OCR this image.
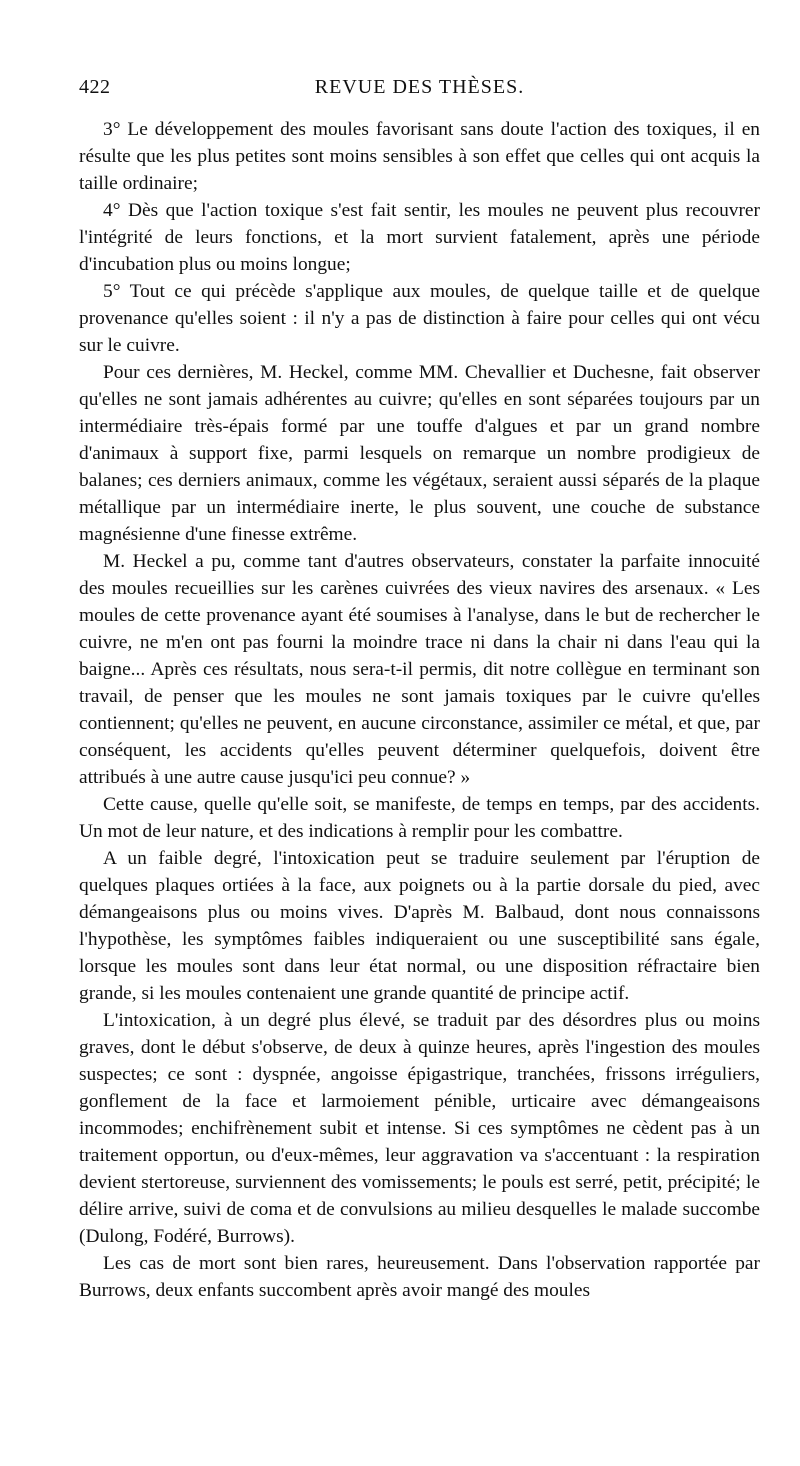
422	REVUE DES THÈSES.

3° Le développement des moules favorisant sans doute l'action des toxiques, il en résulte que les plus petites sont moins sensibles à son effet que celles qui ont acquis la taille ordinaire;

4° Dès que l'action toxique s'est fait sentir, les moules ne peuvent plus recouvrer l'intégrité de leurs fonctions, et la mort survient fatalement, après une période d'incubation plus ou moins longue;

5° Tout ce qui précède s'applique aux moules, de quelque taille et de quelque provenance qu'elles soient : il n'y a pas de distinction à faire pour celles qui ont vécu sur le cuivre.

Pour ces dernières, M. Heckel, comme MM. Chevallier et Duchesne, fait observer qu'elles ne sont jamais adhérentes au cuivre; qu'elles en sont séparées toujours par un intermédiaire très-épais formé par une touffe d'algues et par un grand nombre d'animaux à support fixe, parmi lesquels on remarque un nombre prodigieux de balanes; ces derniers animaux, comme les végétaux, seraient aussi séparés de la plaque métallique par un intermédiaire inerte, le plus souvent, une couche de substance magnésienne d'une finesse extrême.

M. Heckel a pu, comme tant d'autres observateurs, constater la parfaite innocuité des moules recueillies sur les carènes cuivrées des vieux navires des arsenaux. « Les moules de cette provenance ayant été soumises à l'analyse, dans le but de rechercher le cuivre, ne m'en ont pas fourni la moindre trace ni dans la chair ni dans l'eau qui la baigne... Après ces résultats, nous sera-t-il permis, dit notre collègue en terminant son travail, de penser que les moules ne sont jamais toxiques par le cuivre qu'elles contiennent; qu'elles ne peuvent, en aucune circonstance, assimiler ce métal, et que, par conséquent, les accidents qu'elles peuvent déterminer quelquefois, doivent être attribués à une autre cause jusqu'ici peu connue? »

Cette cause, quelle qu'elle soit, se manifeste, de temps en temps, par des accidents. Un mot de leur nature, et des indications à remplir pour les combattre.

A un faible degré, l'intoxication peut se traduire seulement par l'éruption de quelques plaques ortiées à la face, aux poignets ou à la partie dorsale du pied, avec démangeaisons plus ou moins vives. D'après M. Balbaud, dont nous connaissons l'hypothèse, les symptômes faibles indiqueraient ou une susceptibilité sans égale, lorsque les moules sont dans leur état normal, ou une disposition réfractaire bien grande, si les moules contenaient une grande quantité de principe actif.

L'intoxication, à un degré plus élevé, se traduit par des désordres plus ou moins graves, dont le début s'observe, de deux à quinze heures, après l'ingestion des moules suspectes; ce sont : dyspnée, angoisse épigastrique, tranchées, frissons irréguliers, gonflement de la face et larmoiement pénible, urticaire avec démangeaisons incommodes; enchifrènement subit et intense. Si ces symptômes ne cèdent pas à un traitement opportun, ou d'eux-mêmes, leur aggravation va s'accentuant : la respiration devient stertoreuse, surviennent des vomissements; le pouls est serré, petit, précipité; le délire arrive, suivi de coma et de convulsions au milieu desquelles le malade succombe (Dulong, Fodéré, Burrows).

Les cas de mort sont bien rares, heureusement. Dans l'observation rapportée par Burrows, deux enfants succombent après avoir mangé des moules
